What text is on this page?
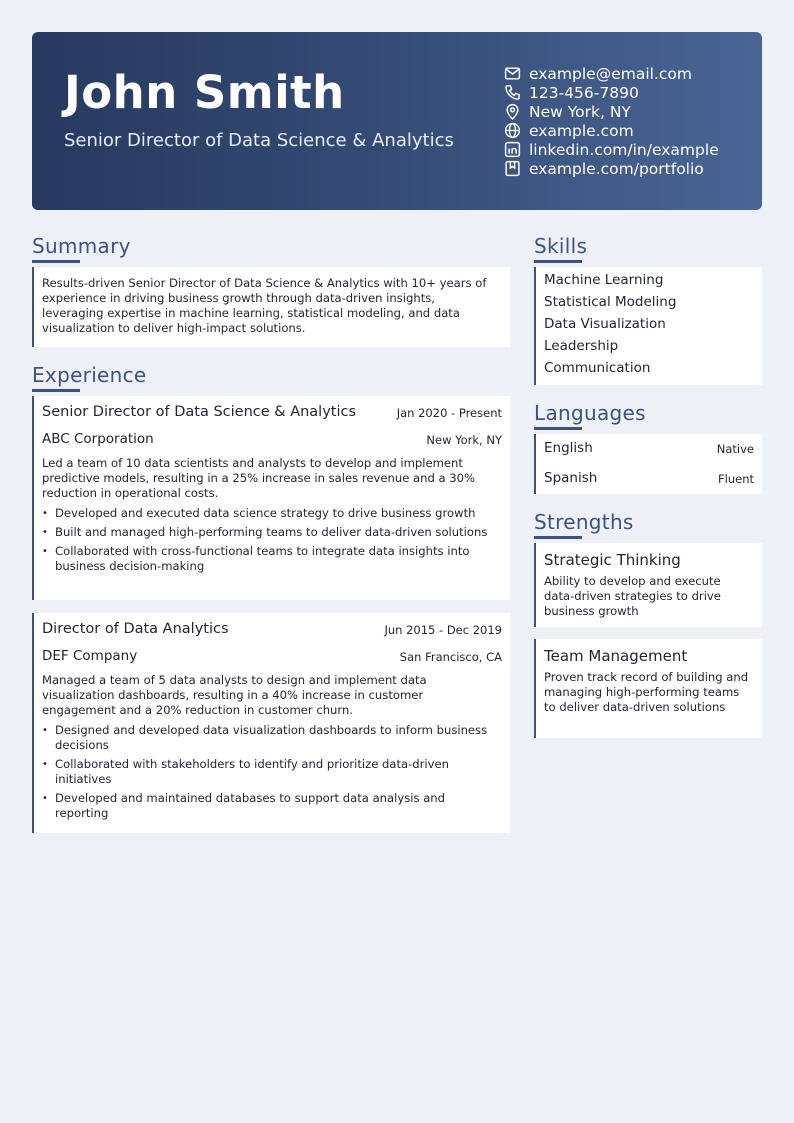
John Smith
Senior Director of Data Science & Analytics
example@email.com
123-456-7890
New York, NY
example.com
linkedin.com/in/example
example.com/portfolio
Summary
Results-driven Senior Director of Data Science & Analytics with 10+ years of experience in driving business growth through data-driven insights, leveraging expertise in machine learning, statistical modeling, and data visualization to deliver high-impact solutions.
Experience
Senior Director of Data Science & Analytics	Jan 2020 - Present
ABC Corporation	New York, NY
Led a team of 10 data scientists and analysts to develop and implement predictive models, resulting in a 25% increase in sales revenue and a 30% reduction in operational costs.
• Developed and executed data science strategy to drive business growth
• Built and managed high-performing teams to deliver data-driven solutions
• Collaborated with cross-functional teams to integrate data insights into business decision-making
Director of Data Analytics	Jun 2015 - Dec 2019
DEF Company	San Francisco, CA
Managed a team of 5 data analysts to design and implement data visualization dashboards, resulting in a 40% increase in customer engagement and a 20% reduction in customer churn.
• Designed and developed data visualization dashboards to inform business decisions
• Collaborated with stakeholders to identify and prioritize data-driven initiatives
• Developed and maintained databases to support data analysis and reporting
Skills
Machine Learning
Statistical Modeling
Data Visualization
Leadership
Communication
Languages
English	Native
Spanish	Fluent
Strengths
Strategic Thinking
Ability to develop and execute data-driven strategies to drive business growth
Team Management
Proven track record of building and managing high-performing teams to deliver data-driven solutions
